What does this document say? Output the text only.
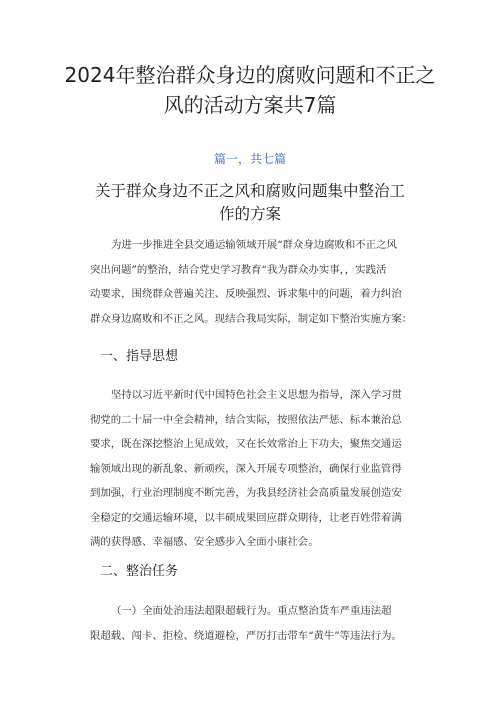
2024年整治群众身边的腐败问题和不正之
风的活动方案共7篇
篇一，共七篇
关于群众身边不正之风和腐败问题集中整治工
作的方案
为进一步推进全县交通运输领域开展“群众身边腐败和不正之风
突出问题”的整治，结合党史学习教育“我为群众办实事，，实践活
动要求，围绕群众普遍关注、反映强烈、诉求集中的问题，着力纠治
群众身边腐败和不正之风。现结合我局实际，制定如下整治实施方案：
一、指导思想
坚持以习近平新时代中国特色社会主义思想为指导，深入学习贯
彻党的二十届一中全会精神，结合实际，按照依法严惩、标本兼治总
要求，既在深挖整治上见成效，又在长效常治上下功夫，聚焦交通运
输领域出现的新乱象、新顽疾，深入开展专项整治，确保行业监管得
到加强，行业治理制度不断完善，为我县经济社会高质量发展创造安
全稳定的交通运输环境，以丰硕成果回应群众期待，让老百姓带着满
满的获得感、幸福感、安全感步入全面小康社会。
二、整治任务
（一）全面处治违法超限超载行为。重点整治货车严重违法超
限超载、闯卡、拒检、绕道避检，严厉打击带车“黄牛”等违法行为。
